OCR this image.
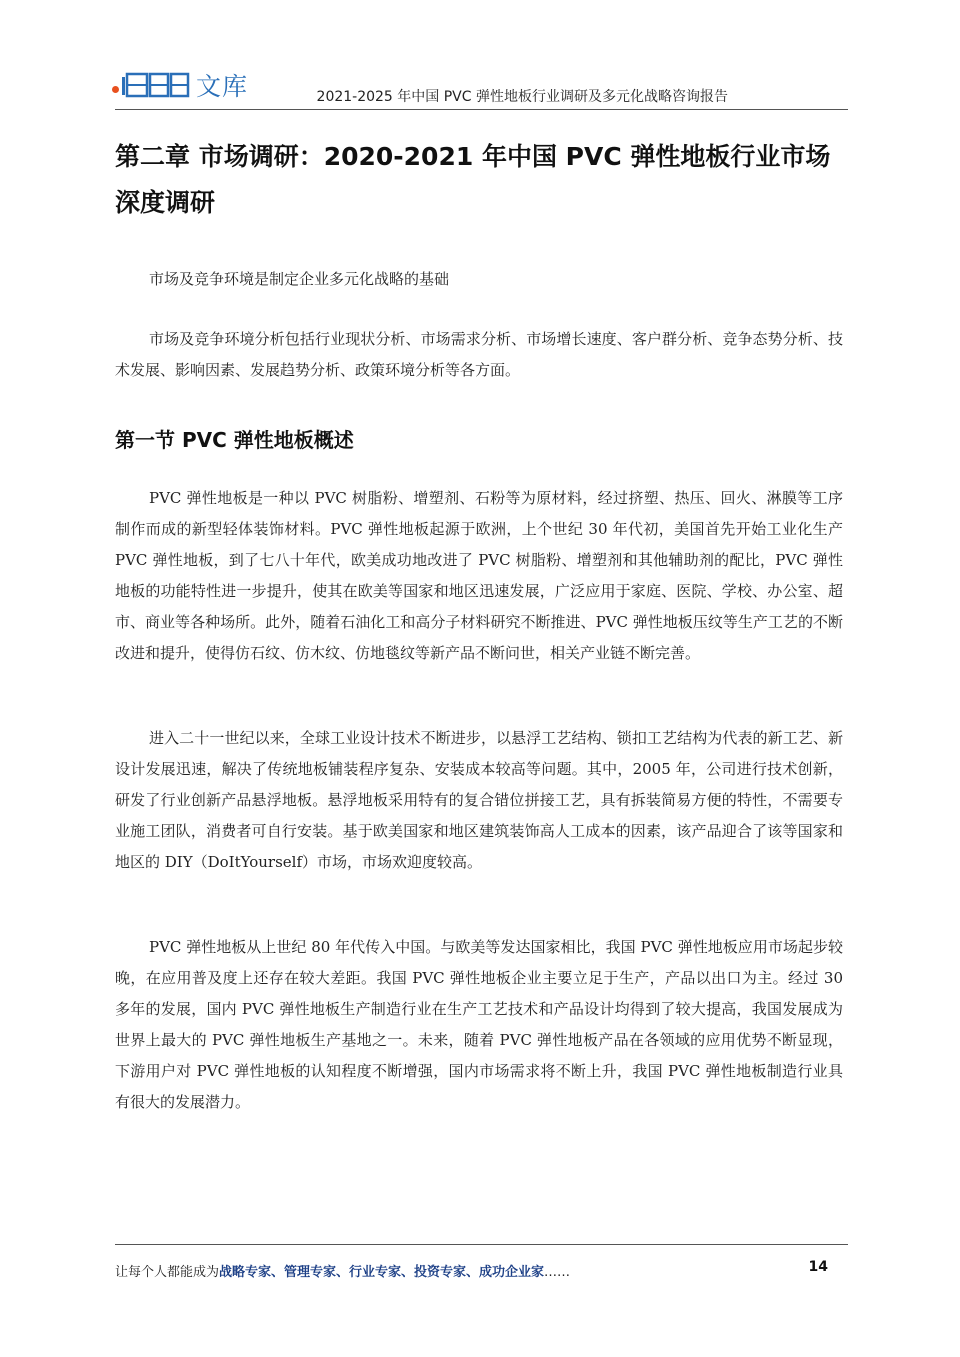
文库	2021-2025 年中国 PVC 弹性地板行业调研及多元化战略咨询报告
第二章 市场调研：2020-2021 年中国 PVC 弹性地板行业市场深度调研

市场及竞争环境是制定企业多元化战略的基础

市场及竞争环境分析包括行业现状分析、市场需求分析、市场增长速度、客户群分析、竞争态势分析、技术发展、影响因素、发展趋势分析、政策环境分析等各方面。

第一节 PVC 弹性地板概述

PVC 弹性地板是一种以 PVC 树脂粉、增塑剂、石粉等为原材料，经过挤塑、热压、回火、淋膜等工序制作而成的新型轻体装饰材料。PVC 弹性地板起源于欧洲，上个世纪 30 年代初，美国首先开始工业化生产 PVC 弹性地板，到了七八十年代，欧美成功地改进了 PVC 树脂粉、增塑剂和其他辅助剂的配比，PVC 弹性地板的功能特性进一步提升，使其在欧美等国家和地区迅速发展，广泛应用于家庭、医院、学校、办公室、超市、商业等各种场所。此外，随着石油化工和高分子材料研究不断推进、PVC 弹性地板压纹等生产工艺的不断改进和提升，使得仿石纹、仿木纹、仿地毯纹等新产品不断问世，相关产业链不断完善。

进入二十一世纪以来，全球工业设计技术不断进步，以悬浮工艺结构、锁扣工艺结构为代表的新工艺、新设计发展迅速，解决了传统地板铺装程序复杂、安装成本较高等问题。其中，2005 年，公司进行技术创新，研发了行业创新产品悬浮地板。悬浮地板采用特有的复合错位拼接工艺，具有拆装简易方便的特性，不需要专业施工团队，消费者可自行安装。基于欧美国家和地区建筑装饰高人工成本的因素，该产品迎合了该等国家和地区的 DIY（DoItYourself）市场，市场欢迎度较高。

PVC 弹性地板从上世纪 80 年代传入中国。与欧美等发达国家相比，我国 PVC 弹性地板应用市场起步较晚，在应用普及度上还存在较大差距。我国 PVC 弹性地板企业主要立足于生产，产品以出口为主。经过 30 多年的发展，国内 PVC 弹性地板生产制造行业在生产工艺技术和产品设计均得到了较大提高，我国发展成为世界上最大的 PVC 弹性地板生产基地之一。未来，随着 PVC 弹性地板产品在各领域的应用优势不断显现，下游用户对 PVC 弹性地板的认知程度不断增强，国内市场需求将不断上升，我国 PVC 弹性地板制造行业具有很大的发展潜力。

让每个人都能成为战略专家、管理专家、行业专家、投资专家、成功企业家……	14
